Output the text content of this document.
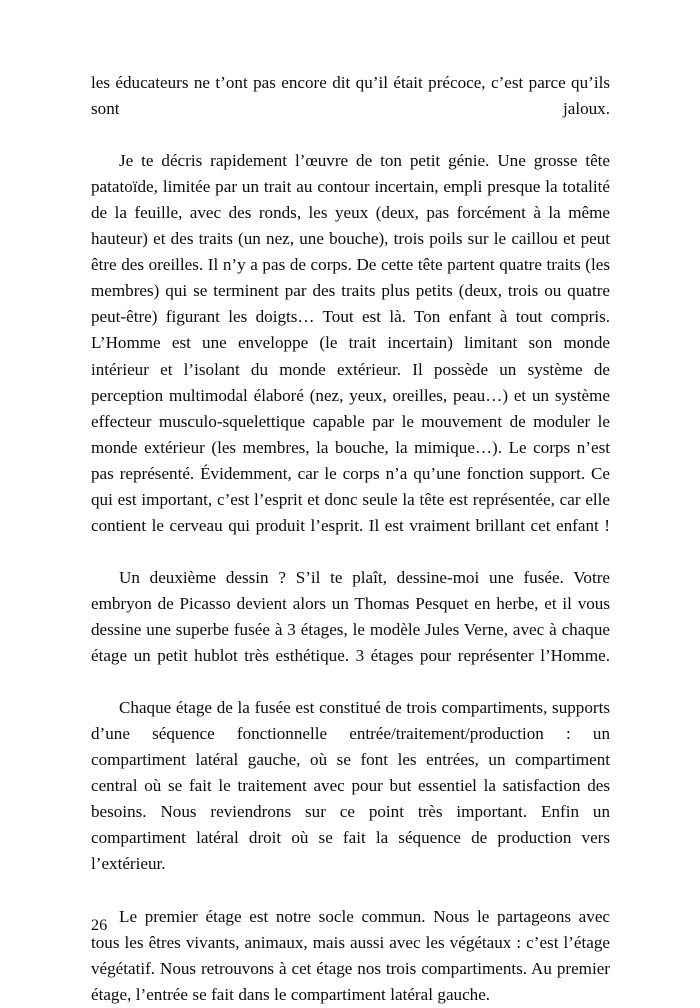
les éducateurs ne t’ont pas encore dit qu’il était précoce, c’est parce qu’ils sont jaloux.

Je te décris rapidement l’œuvre de ton petit génie. Une grosse tête patatoïde, limitée par un trait au contour incertain, empli presque la totalité de la feuille, avec des ronds, les yeux (deux, pas forcément à la même hauteur) et des traits (un nez, une bouche), trois poils sur le caillou et peut être des oreilles. Il n’y a pas de corps. De cette tête partent quatre traits (les membres) qui se terminent par des traits plus petits (deux, trois ou quatre peut-être) figurant les doigts… Tout est là. Ton enfant à tout compris. L’Homme est une enveloppe (le trait incertain) limitant son monde intérieur et l’isolant du monde extérieur. Il possède un système de perception multimodal élaboré (nez, yeux, oreilles, peau…) et un système effecteur musculo-squelettique capable par le mouvement de moduler le monde extérieur (les membres, la bouche, la mimique…). Le corps n’est pas représenté. Évidemment, car le corps n’a qu’une fonction support. Ce qui est important, c’est l’esprit et donc seule la tête est représentée, car elle contient le cerveau qui produit l’esprit. Il est vraiment brillant cet enfant !

Un deuxième dessin ? S’il te plaît, dessine-moi une fusée. Votre embryon de Picasso devient alors un Thomas Pesquet en herbe, et il vous dessine une superbe fusée à 3 étages, le modèle Jules Verne, avec à chaque étage un petit hublot très esthétique. 3 étages pour représenter l’Homme.

Chaque étage de la fusée est constitué de trois compartiments, supports d’une séquence fonctionnelle entrée/traitement/production : un compartiment latéral gauche, où se font les entrées, un compartiment central où se fait le traitement avec pour but essentiel la satisfaction des besoins. Nous reviendrons sur ce point très important. Enfin un compartiment latéral droit où se fait la séquence de production vers l’extérieur.

Le premier étage est notre socle commun. Nous le partageons avec tous les êtres vivants, animaux, mais aussi avec les végétaux : c’est l’étage végétatif. Nous retrouvons à cet étage nos trois compartiments. Au premier étage, l’entrée se fait dans le compartiment latéral gauche.

26
